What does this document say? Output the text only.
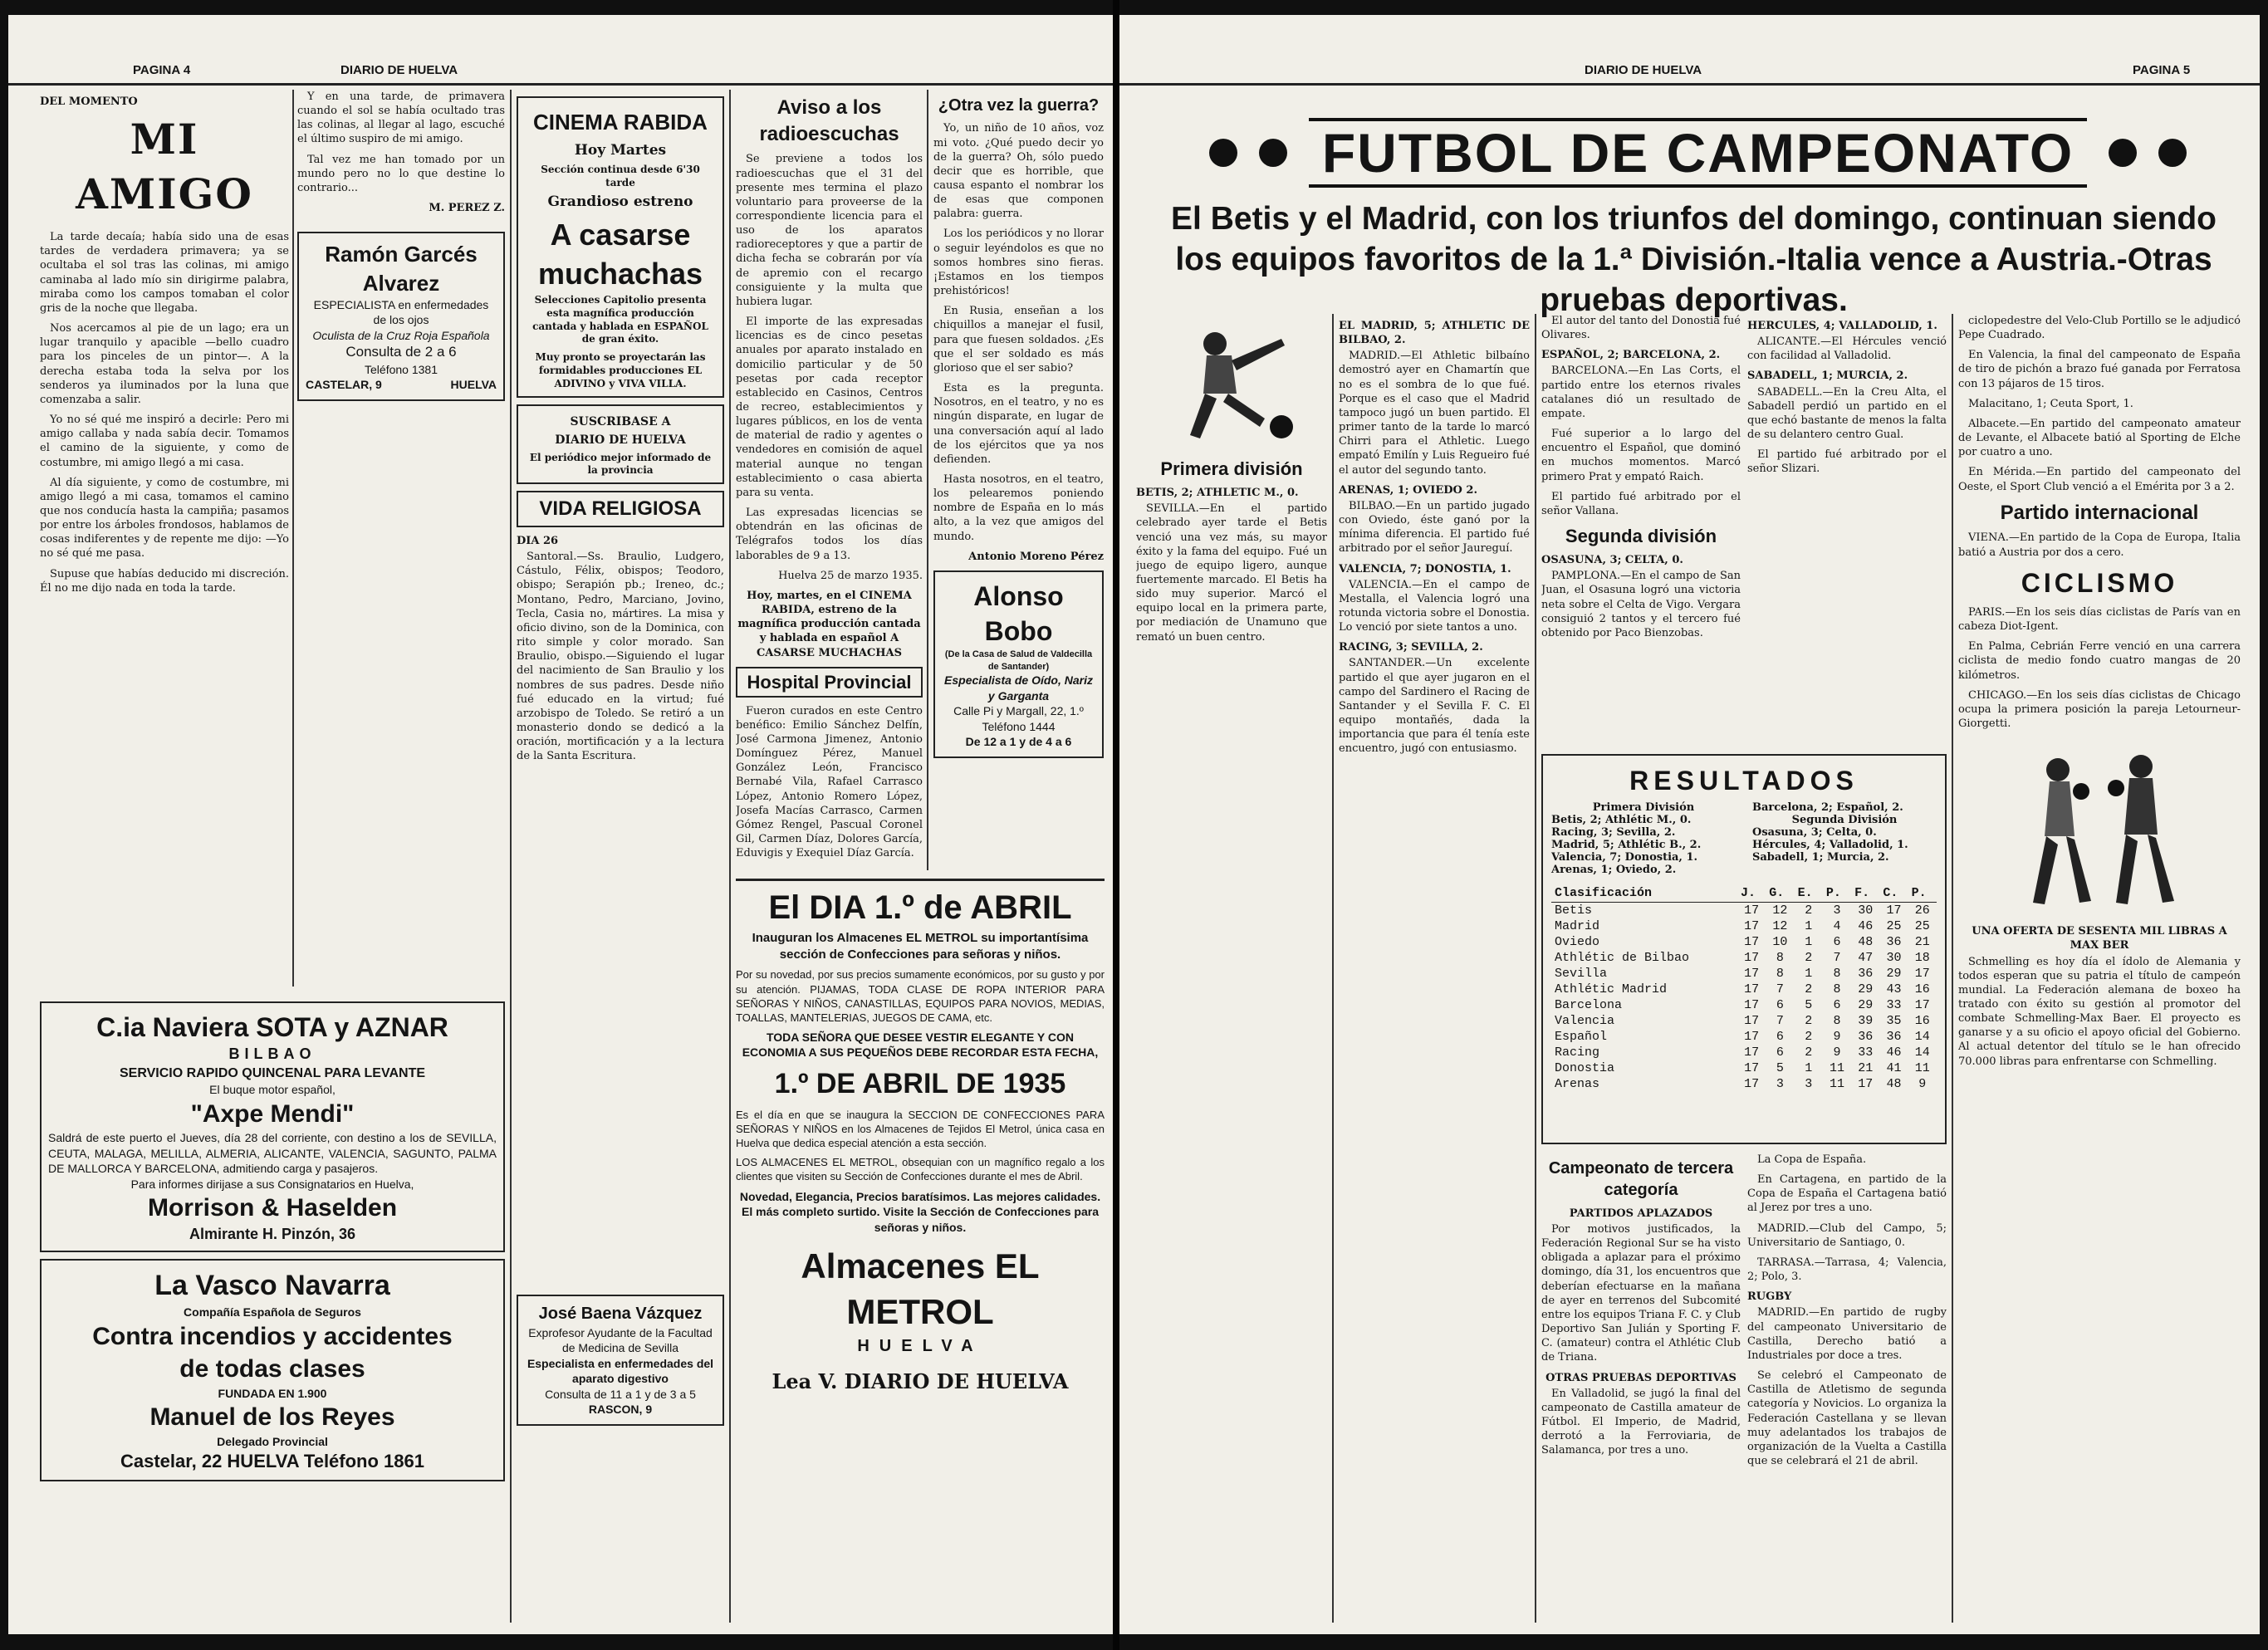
PAGINA 4	DIARIO DE HUELVA
DEL MOMENTO
MI AMIGO

La tarde decaía; había sido una de esas tardes de verdadera primavera; ya se ocultaba el sol tras las colinas, mi amigo caminaba al lado mío sin dirigirme palabra, miraba como los campos tomaban el color gris de la noche que llegaba.

Nos acercamos al pie de un lago; era un lugar tranquilo y apacible —bello cuadro para los pinceles de un pintor—. A la derecha estaba toda la selva por los senderos ya iluminados por la luna que comenzaba a salir.

Yo no sé qué me inspiró a decirle: Pero mi amigo callaba y nada sabía decir. Tomamos el camino de la siguiente, y como de costumbre, mi amigo llegó a mi casa.

Al día siguiente, y como de costumbre, mi amigo llegó a mi casa, tomamos el camino que nos conducía hasta la campiña; pasamos por entre los árboles frondosos, hablamos de cosas indiferentes y de repente me dijo: —Yo no sé qué me pasa.

Supuse que habías deducido mi discreción. Él no me dijo nada en toda la tarde.

Y en una tarde, de primavera cuando el sol se había ocultado tras las colinas, al llegar al lago, escuché el último suspiro de mi amigo.

Tal vez me han tomado por un mundo pero no lo que destine lo contrario...

M. PEREZ Z.
Ramón Garcés
Alvarez
ESPECIALISTA en enfermedades de los ojos
Oculista de la Cruz Roja Española
Consulta de 2 a 6
Teléfono 1381
CASTELAR, 9	HUELVA
C.ia Naviera SOTA y AZNAR
BILBAO
SERVICIO RAPIDO QUINCENAL PARA LEVANTE
El buque motor español,
"Axpe Mendi"
Saldrá de este puerto el Jueves, día 28 del corriente, con destino a los de SEVILLA, CEUTA, MALAGA, MELILLA, ALMERIA, ALICANTE, VALENCIA, SAGUNTO, PALMA DE MALLORCA Y BARCELONA, admitiendo carga y pasajeros.
Para informes dirijase a sus Consignatarios en Huelva,
Morrison & Haselden
Almirante H. Pinzón, 36
La Vasco Navarra
Compañía Española de Seguros
Contra incendios y accidentes
de todas clases
FUNDADA EN 1.900
Manuel de los Reyes
Delegado Provincial
Castelar, 22 HUELVA Teléfono 1861
CINEMA RABIDA
Hoy Martes
Sección continua desde 6'30 tarde
Grandioso estreno
A casarse
muchachas
Selecciones Capitolio presenta esta magnífica producción cantada y hablada en ESPAÑOL de gran éxito.
Muy pronto se proyectarán las formidables producciones EL ADIVINO y VIVA VILLA.
SUSCRIBASE A
DIARIO DE HUELVA
El periódico mejor informado de la provincia
VIDA RELIGIOSA
DIA 26

Santoral.—Ss. Braulio, Ludgero, Cástulo, Félix, obispos; Teodoro, obispo; Serapión pb.; Ireneo, dc.; Montano, Pedro, Marciano, Jovino, Tecla, Casia no, mártires. La misa y oficio divino, son de la Dominica, con rito simple y color morado. San Braulio, obispo.—Siguiendo el lugar del nacimiento de San Braulio y los nombres de sus padres. Desde niño fué educado en la virtud; fué arzobispo de Toledo. Se retiró a un monasterio dondo se dedicó a la oración, mortificación y a la lectura de la Santa Escritura.

José Baena Vázquez
Exprofesor Ayudante de la Facultad de Medicina de Sevilla
Especialista en enfermedades del aparato digestivo
Consulta de 11 a 1 y de 3 a 5
RASCON, 9
Aviso a los radioescuchas

Se previene a todos los radioescuchas que el 31 del presente mes termina el plazo voluntario para proveerse de la correspondiente licencia para el uso de los aparatos radioreceptores y que a partir de dicha fecha se cobrarán por vía de apremio con el recargo consiguiente y la multa que hubiera lugar.

El importe de las expresadas licencias es de cinco pesetas anuales por aparato instalado en domicilio particular y de 50 pesetas por cada receptor establecido en Casinos, Centros de recreo, establecimientos y lugares públicos, en los de venta de material de radio y agentes o vendedores en comisión de aquel material aunque no tengan establecimiento o casa abierta para su venta.

Las expresadas licencias se obtendrán en las oficinas de Telégrafos todos los días laborables de 9 a 13.

Huelva 25 de marzo 1935.

Hoy, martes, en el CINEMA RABIDA, estreno de la magnífica producción cantada y hablada en español A CASARSE MUCHACHAS

Hospital Provincial

Fueron curados en este Centro benéfico: Emilio Sánchez Delfín, José Carmona Jimenez, Antonio Domínguez Pérez, Manuel González León, Francisco Bernabé Vila, Rafael Carrasco López, Antonio Romero López, Josefa Macías Carrasco, Carmen Gómez Rengel, Pascual Coronel Gil, Carmen Díaz, Dolores García, Eduvigis y Exequiel Díaz García.

¿Otra vez la guerra?

Yo, un niño de 10 años, voz mi voto. ¿Qué puedo decir yo de la guerra? Oh, sólo puedo decir que es horrible, que causa espanto el nombrar los de esas que componen palabra: guerra.

Los los periódicos y no llorar o seguir leyéndolos es que no somos hombres sino fieras. ¡Estamos en los tiempos prehistóricos!

En Rusia, enseñan a los chiquillos a manejar el fusil, para que fuesen soldados. ¿Es que el ser soldado es más glorioso que el ser sabio?

Esta es la pregunta. Nosotros, en el teatro, y no es ningún disparate, en lugar de una conversación aquí al lado de los ejércitos que ya nos defienden.

Hasta nosotros, en el teatro, los pelearemos poniendo nombre de España en lo más alto, a la vez que amigos del mundo.

Antonio Moreno Pérez
Alonso Bobo
(De la Casa de Salud de Valdecilla de Santander)
Especialista de Oído, Nariz y Garganta
Calle Pi y Margall, 22, 1.º
Teléfono 1444
De 12 a 1 y de 4 a 6
El DIA 1.º de ABRIL
Inauguran los Almacenes EL METROL su importantísima sección de Confecciones para señoras y niños.
Por su novedad, por sus precios sumamente económicos, por su gusto y por su atención. PIJAMAS, TODA CLASE DE ROPA INTERIOR PARA SEÑORAS Y NIÑOS, CANASTILLAS, EQUIPOS PARA NOVIOS, MEDIAS, TOALLAS, MANTELERIAS, JUEGOS DE CAMA, etc.
TODA SEÑORA QUE DESEE VESTIR ELEGANTE Y CON ECONOMIA A SUS PEQUEÑOS DEBE RECORDAR ESTA FECHA,
1.º DE ABRIL DE 1935
Es el día en que se inaugura la SECCION DE CONFECCIONES PARA SEÑORAS Y NIÑOS en los Almacenes de Tejidos El Metrol, única casa en Huelva que dedica especial atención a esta sección.
LOS ALMACENES EL METROL, obsequian con un magnífico regalo a los clientes que visiten su Sección de Confecciones durante el mes de Abril.
Novedad, Elegancia, Precios baratísimos. Las mejores calidades. El más completo surtido. Visite la Sección de Confecciones para señoras y niños.
Almacenes EL METROL
HUELVA
Lea V. DIARIO DE HUELVA
DIARIO DE HUELVA	PAGINA 5
FUTBOL DE CAMPEONATO
El Betis y el Madrid, con los triunfos del domingo, continuan siendo los equipos favoritos de la 1.ª División.-Italia vence a Austria.-Otras pruebas deportivas.
Primera división
BETIS, 2; ATHLETIC M., 0.

SEVILLA.—En el partido celebrado ayer tarde el Betis venció una vez más, su mayor éxito y la fama del equipo. Fué un juego de equipo ligero, aunque fuertemente marcado. El Betis ha sido muy superior. Marcó el equipo local en la primera parte, por mediación de Unamuno que remató un buen centro.

EL MADRID, 5; ATHLETIC DE BILBAO, 2.

MADRID.—El Athletic bilbaíno demostró ayer en Chamartín que no es el sombra de lo que fué. Porque es el caso que el Madrid tampoco jugó un buen partido. El primer tanto de la tarde lo marcó Chirri para el Athletic. Luego empató Emilín y Luis Regueiro fué el autor del segundo tanto.

ARENAS, 1; OVIEDO 2.

BILBAO.—En un partido jugado con Oviedo, éste ganó por la mínima diferencia. El partido fué arbitrado por el señor Jaureguí.

VALENCIA, 7; DONOSTIA, 1.

VALENCIA.—En el campo de Mestalla, el Valencia logró una rotunda victoria sobre el Donostia. Lo venció por siete tantos a uno.

RACING, 3; SEVILLA, 2.

SANTANDER.—Un excelente partido el que ayer jugaron en el campo del Sardinero el Racing de Santander y el Sevilla F. C. El equipo montañés, dada la importancia que para él tenía este encuentro, jugó con entusiasmo.

El autor del tanto del Donostia fué Olivares.

ESPAÑOL, 2; BARCELONA, 2.

BARCELONA.—En Las Corts, el partido entre los eternos rivales catalanes dió un resultado de empate.

Fué superior a lo largo del encuentro el Español, que dominó en muchos momentos. Marcó primero Prat y empató Raich.

El partido fué arbitrado por el señor Vallana.

Segunda división
OSASUNA, 3; CELTA, 0.

PAMPLONA.—En el campo de San Juan, el Osasuna logró una victoria neta sobre el Celta de Vigo. Vergara consiguió 2 tantos y el tercero fué obtenido por Paco Bienzobas.

HERCULES, 4; VALLADOLID, 1.

ALICANTE.—El Hércules venció con facilidad al Valladolid.

SABADELL, 1; MURCIA, 2.

SABADELL.—En la Creu Alta, el Sabadell perdió un partido en el que echó bastante de menos la falta de su delantero centro Gual.

El partido fué arbitrado por el señor Slizari.

RESULTADOS
Primera División
Betis, 2; Athlétic M., 0.
Racing, 3; Sevilla, 2.
Madrid, 5; Athlétic B., 2.
Valencia, 7; Donostia, 1.
Arenas, 1; Oviedo, 2.
Barcelona, 2; Español, 2.
Segunda División
Osasuna, 3; Celta, 0.
Hércules, 4; Valladolid, 1.
Sabadell, 1; Murcia, 2.
Clasificación	J.	G.	E.	P.	F.	C.	P.
Betis	17	12	2	3	30	17	26
Madrid	17	12	1	4	46	25	25
Oviedo	17	10	1	6	48	36	21
Athlétic de Bilbao	17	8	2	7	47	30	18
Sevilla	17	8	1	8	36	29	17
Athlétic Madrid	17	7	2	8	29	43	16
Barcelona	17	6	5	6	29	33	17
Valencia	17	7	2	8	39	35	16
Español	17	6	2	9	36	36	14
Racing	17	6	2	9	33	46	14
Donostia	17	5	1	11	21	41	11
Arenas	17	3	3	11	17	48	9
Campeonato de tercera categoría
PARTIDOS APLAZADOS

Por motivos justificados, la Federación Regional Sur se ha visto obligada a aplazar para el próximo domingo, día 31, los encuentros que deberían efectuarse en la mañana de ayer en terrenos del Subcomité entre los equipos Triana F. C. y Club Deportivo San Julián y Sporting F. C. (amateur) contra el Athlétic Club de Triana.

OTRAS PRUEBAS DEPORTIVAS

En Valladolid, se jugó la final del campeonato de Castilla amateur de Fútbol. El Imperio, de Madrid, derrotó a la Ferroviaria, de Salamanca, por tres a uno.

La Copa de España.

En Cartagena, en partido de la Copa de España el Cartagena batió al Jerez por tres a uno.

MADRID.—Club del Campo, 5; Universitario de Santiago, 0.

TARRASA.—Tarrasa, 4; Valencia, 2; Polo, 3.

RUGBY

MADRID.—En partido de rugby del campeonato Universitario de Castilla, Derecho batió a Industriales por doce a tres.

Se celebró el Campeonato de Castilla de Atletismo de segunda categoría y Novicios. Lo organiza la Federación Castellana y se llevan muy adelantados los trabajos de organización de la Vuelta a Castilla que se celebrará el 21 de abril.

ciclopedestre del Velo-Club Portillo se le adjudicó Pepe Cuadrado.

En Valencia, la final del campeonato de España de tiro de pichón a brazo fué ganada por Ferratosa con 13 pájaros de 15 tiros.

Malacitano, 1; Ceuta Sport, 1.

Albacete.—En partido del campeonato amateur de Levante, el Albacete batió al Sporting de Elche por cuatro a uno.

En Mérida.—En partido del campeonato del Oeste, el Sport Club venció a el Emérita por 3 a 2.

Partido internacional

VIENA.—En partido de la Copa de Europa, Italia batió a Austria por dos a cero.

CICLISMO

PARIS.—En los seis días ciclistas de París van en cabeza Diot-Igent.

En Palma, Cebrián Ferre venció en una carrera ciclista de medio fondo cuatro mangas de 20 kilómetros.

CHICAGO.—En los seis días ciclistas de Chicago ocupa la primera posición la pareja Letourneur-Giorgetti.

UNA OFERTA DE SESENTA MIL LIBRAS A MAX BER

Schmelling es hoy día el ídolo de Alemania y todos esperan que su patria el título de campeón mundial. La Federación alemana de boxeo ha tratado con éxito su gestión al promotor del combate Schmelling-Max Baer. El proyecto es ganarse y a su oficio el apoyo oficial del Gobierno. Al actual detentor del título se le han ofrecido 70.000 libras para enfrentarse con Schmelling.
